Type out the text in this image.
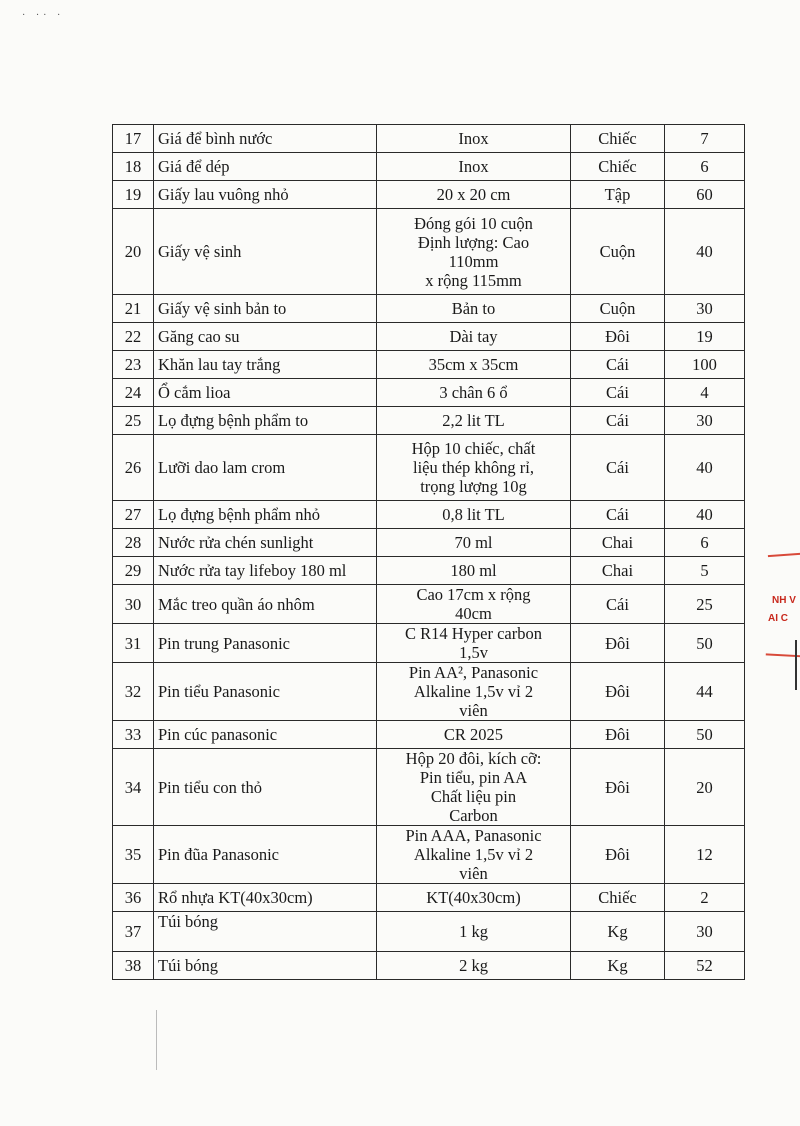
· ·· ·
17	Giá để bình nước	Inox	Chiếc	7
18	Giá để dép	Inox	Chiếc	6
19	Giấy lau vuông nhỏ	20 x 20 cm	Tập	60
20	Giấy vệ sinh	Đóng gói 10 cuộn
Định lượng: Cao
110mm
x rộng 115mm	Cuộn	40
21	Giấy vệ sinh bản to	Bản to	Cuộn	30
22	Găng cao su	Dài tay	Đôi	19
23	Khăn lau tay trắng	35cm x 35cm	Cái	100
24	Ổ cắm lioa	3 chân 6 ổ	Cái	4
25	Lọ đựng bệnh phẩm to	2,2 lit TL	Cái	30
26	Lưỡi dao lam crom	Hộp 10 chiếc, chất
liệu thép không rỉ,
trọng lượng 10g	Cái	40
27	Lọ đựng bệnh phẩm nhỏ	0,8 lit TL	Cái	40
28	Nước rửa chén sunlight	70 ml	Chai	6
29	Nước rửa tay lifeboy 180 ml	180 ml	Chai	5
30	Mắc treo quần áo nhôm	Cao 17cm x rộng
40cm	Cái	25
31	Pin trung Panasonic	C R14 Hyper carbon
1,5v	Đôi	50
32	Pin tiểu Panasonic	Pin AA², Panasonic
Alkaline 1,5v vỉ 2
viên	Đôi	44
33	Pin cúc panasonic	CR 2025	Đôi	50
34	Pin tiểu con thỏ	Hộp 20 đôi, kích cỡ:
Pin tiểu, pin AA
Chất liệu pin
Carbon	Đôi	20
35	Pin đũa Panasonic	Pin AAA, Panasonic
Alkaline 1,5v vỉ 2
viên	Đôi	12
36	Rổ nhựa KT(40x30cm)	KT(40x30cm)	Chiếc	2
37	Túi bóng	1 kg	Kg	30
38	Túi bóng	2 kg	Kg	52
NH V
AI C
